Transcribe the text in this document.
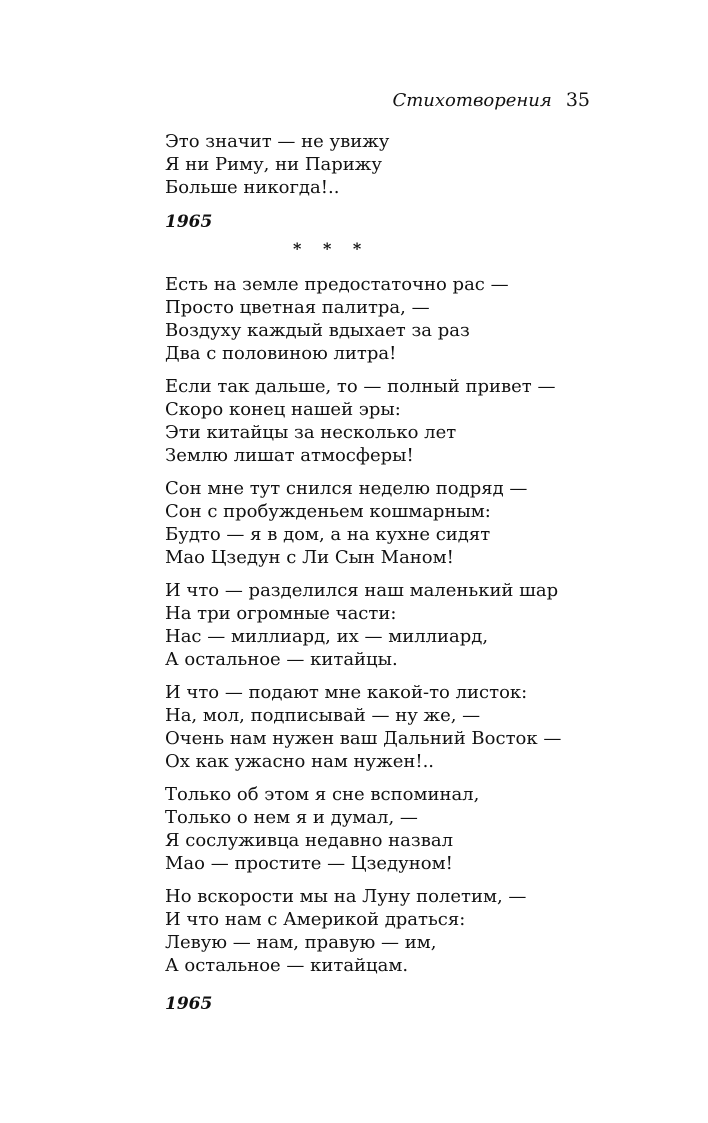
Стихотворения 35
Это значит — не увижу
Я ни Риму, ни Парижу
Больше никогда!..
1965
* * *
Есть на земле предостаточно рас —
Просто цветная палитра, —
Воздуху каждый вдыхает за раз
Два с половиною литра!
Если так дальше, то — полный привет —
Скоро конец нашей эры:
Эти китайцы за несколько лет
Землю лишат атмосферы!
Сон мне тут снился неделю подряд —
Сон с пробужденьем кошмарным:
Будто — я в дом, а на кухне сидят
Мао Цзедун с Ли Сын Маном!
И что — разделился наш маленький шар
На три огромные части:
Нас — миллиард, их — миллиард,
А остальное — китайцы.
И что — подают мне какой-то листок:
На, мол, подписывай — ну же, —
Очень нам нужен ваш Дальний Восток —
Ох как ужасно нам нужен!..
Только об этом я сне вспоминал,
Только о нем я и думал, —
Я сослуживца недавно назвал
Мао — простите — Цзедуном!
Но вскорости мы на Луну полетим, —
И что нам с Америкой драться:
Левую — нам, правую — им,
А остальное — китайцам.
1965
